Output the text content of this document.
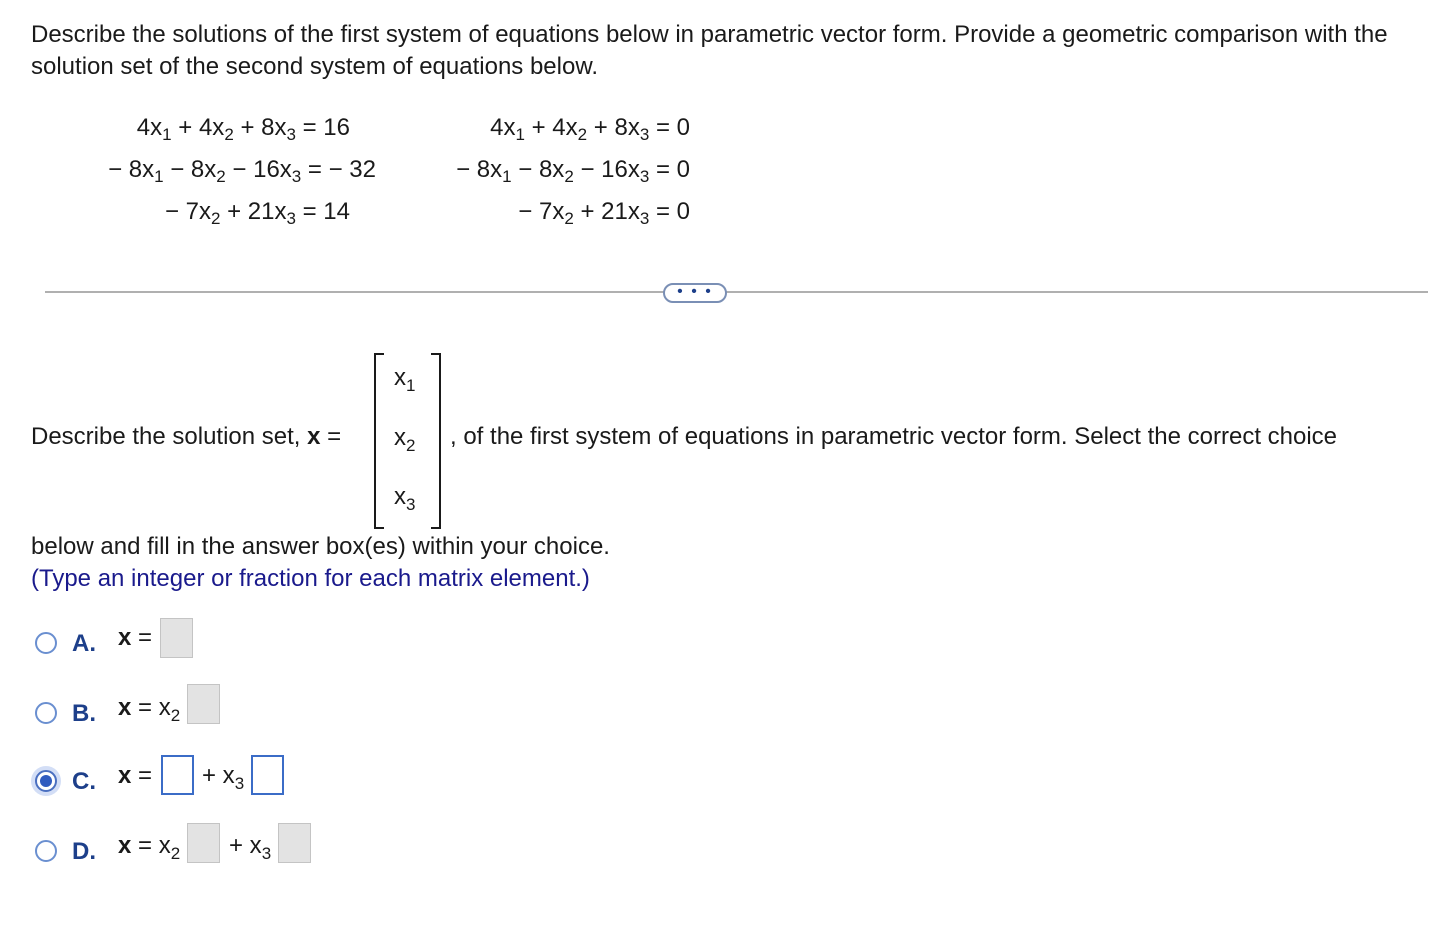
Describe the solutions of the first system of equations below in parametric vector form. Provide a geometric comparison with the solution set of the second system of equations below.
$4x_1 + 4x_2 + 8x_3 = 16$
− $8x_1 - 8x_2 - 16x_3$ = − 32
− $7x_2 + 21x_3 = 14$
$4x_1 + 4x_2 + 8x_3 = 0$
− $8x_1 - 8x_2 - 16x_3 = 0$
− $7x_2 + 21x_3 = 0$
• • •
Describe the solution set, x =
$x_1$
$x_2$
$x_3$
, of the first system of equations in parametric vector form. Select the correct choice
below and fill in the answer box(es) within your choice.
(Type an integer or fraction for each matrix element.)
A. x =
B. $x = x_2$
C. x = + $x_3$
D. $x = x_2 + x_3$
